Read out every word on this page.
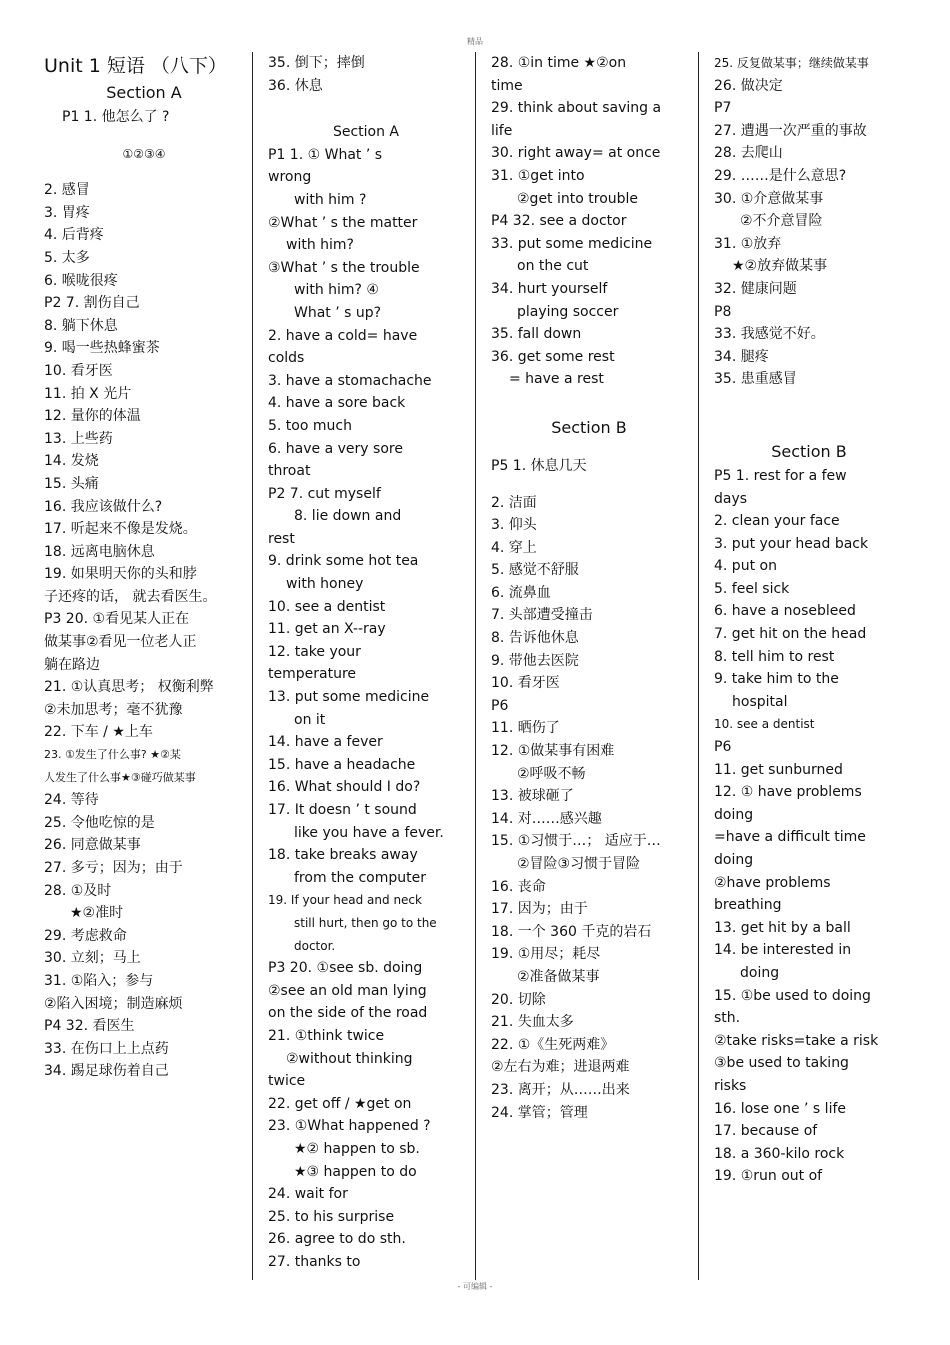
精品
Unit 1 短语 （八下）
Section A
P1 1. 他怎么了 ?
①②③④
2. 感冒
3. 胃疼
4. 后背疼
5. 太多
6. 喉咙很疼
P2 7. 割伤自己
8. 躺下休息
9. 喝一些热蜂蜜茶
10. 看牙医
11. 拍 X 光片
12. 量你的体温
13. 上些药
14. 发烧
15. 头痛
16. 我应该做什么?
17. 听起来不像是发烧。
18. 远离电脑休息
19. 如果明天你的头和脖
子还疼的话， 就去看医生。
P3 20. ①看见某人正在
做某事②看见一位老人正
躺在路边
21. ①认真思考； 权衡利弊
②未加思考；毫不犹豫
22. 下车 / ★上车
23. ①发生了什么事? ★②某
人发生了什么事★③碰巧做某事
24. 等待
25. 令他吃惊的是
26. 同意做某事
27. 多亏；因为；由于
28. ①及时
★②准时
29. 考虑救命
30. 立刻；马上
31. ①陷入；参与
②陷入困境；制造麻烦
P4 32. 看医生
33. 在伤口上上点药
34. 踢足球伤着自己
35. 倒下；摔倒
36. 休息
Section A
P1 1. ① What ’ s
wrong
with him ?
②What ’ s the matter
with him?
③What ’ s the trouble
with him? ④
What ’ s up?
2. have a cold= have
colds
3. have a stomachache
4. have a sore back
5. too much
6. have a very sore
throat
P2 7. cut myself
8. lie down and
rest
9. drink some hot tea
with honey
10. see a dentist
11. get an X--ray
12. take your
temperature
13. put some medicine
on it
14. have a fever
15. have a headache
16. What should I do?
17. It doesn ’ t sound
like you have a fever.
18. take breaks away
from the computer
19. If your head and neck
still hurt, then go to the
doctor.
P3 20. ①see sb. doing
②see an old man lying
on the side of the road
21. ①think twice
②without thinking
twice
22. get off / ★get on
23. ①What happened ?
★② happen to sb.
★③ happen to do
24. wait for
25. to his surprise
26. agree to do sth.
27. thanks to
28. ①in time ★②on
time
29. think about saving a
life
30. right away= at once
31. ①get into
②get into trouble
P4 32. see a doctor
33. put some medicine
on the cut
34. hurt yourself
playing soccer
35. fall down
36. get some rest
= have a rest
Section B
P5 1. 休息几天
2. 洁面
3. 仰头
4. 穿上
5. 感觉不舒服
6. 流鼻血
7. 头部遭受撞击
8. 告诉他休息
9. 带他去医院
10. 看牙医
P6
11. 晒伤了
12. ①做某事有困难
②呼吸不畅
13. 被球砸了
14. 对……感兴趣
15. ①习惯于…； 适应于…
②冒险③习惯于冒险
16. 丧命
17. 因为；由于
18. 一个 360 千克的岩石
19. ①用尽；耗尽
②准备做某事
20. 切除
21. 失血太多
22. ①《生死两难》
②左右为难；进退两难
23. 离开；从……出来
24. 掌管；管理
25. 反复做某事；继续做某事
26. 做决定
P7
27. 遭遇一次严重的事故
28. 去爬山
29. ……是什么意思?
30. ①介意做某事
②不介意冒险
31. ①放弃
★②放弃做某事
32. 健康问题
P8
33. 我感觉不好。
34. 腿疼
35. 患重感冒
Section B
P5 1. rest for a few
days
2. clean your face
3. put your head back
4. put on
5. feel sick
6. have a nosebleed
7. get hit on the head
8. tell him to rest
9. take him to the
hospital
10. see a dentist
P6
11. get sunburned
12. ① have problems
doing
=have a difficult time
doing
②have problems
breathing
13. get hit by a ball
14. be interested in
doing
15. ①be used to doing
sth.
②take risks=take a risk
③be used to taking
risks
16. lose one ’ s life
17. because of
18. a 360-kilo rock
19. ①run out of
- 可编辑 -
